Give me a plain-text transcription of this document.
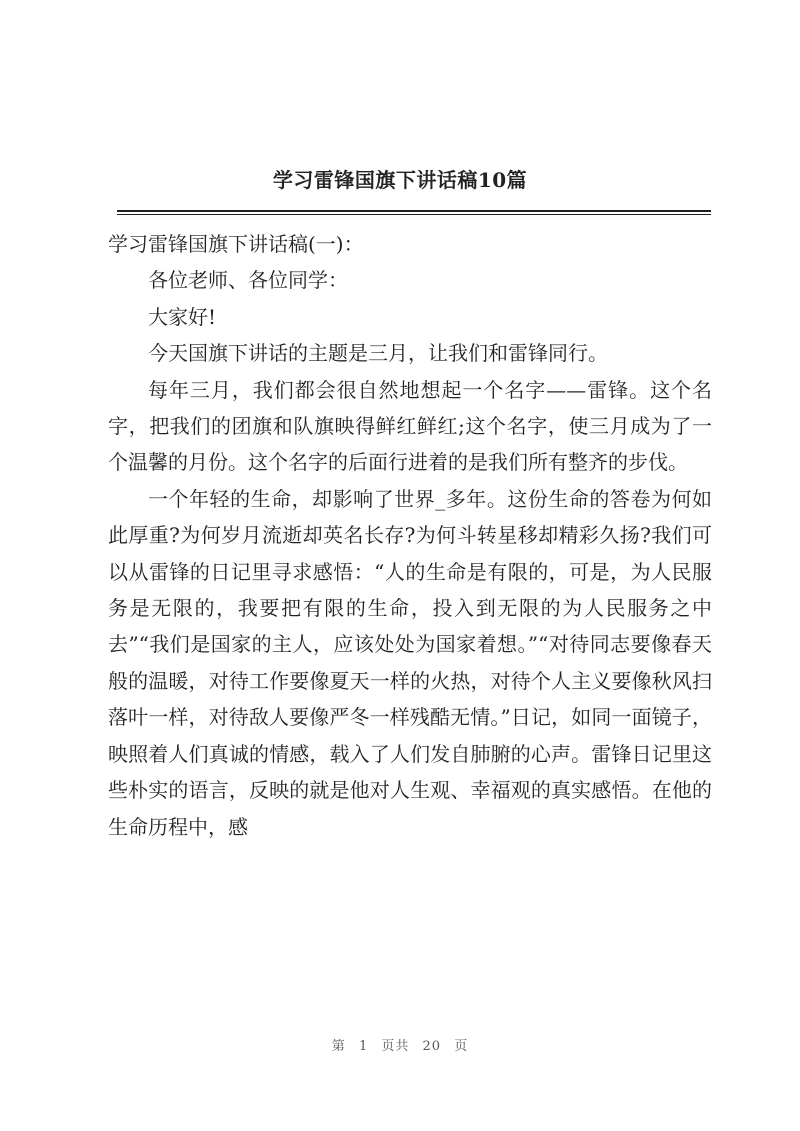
学习雷锋国旗下讲话稿10篇

学习雷锋国旗下讲话稿(一)：

各位老师、各位同学：

大家好!

今天国旗下讲话的主题是三月，让我们和雷锋同行。

每年三月，我们都会很自然地想起一个名字——雷锋。这个名字，把我们的团旗和队旗映得鲜红鲜红;这个名字，使三月成为了一个温馨的月份。这个名字的后面行进着的是我们所有整齐的步伐。

一个年轻的生命，却影响了世界_多年。这份生命的答卷为何如此厚重?为何岁月流逝却英名长存?为何斗转星移却精彩久扬?我们可以从雷锋的日记里寻求感悟：“人的生命是有限的，可是，为人民服务是无限的，我要把有限的生命，投入到无限的为人民服务之中去”“我们是国家的主人，应该处处为国家着想。”“对待同志要像春天般的温暖，对待工作要像夏天一样的火热，对待个人主义要像秋风扫落叶一样，对待敌人要像严冬一样残酷无情。”日记，如同一面镜子，映照着人们真诚的情感，载入了人们发自肺腑的心声。雷锋日记里这些朴实的语言，反映的就是他对人生观、幸福观的真实感悟。在他的生命历程中，感

第 1 页共 20 页
